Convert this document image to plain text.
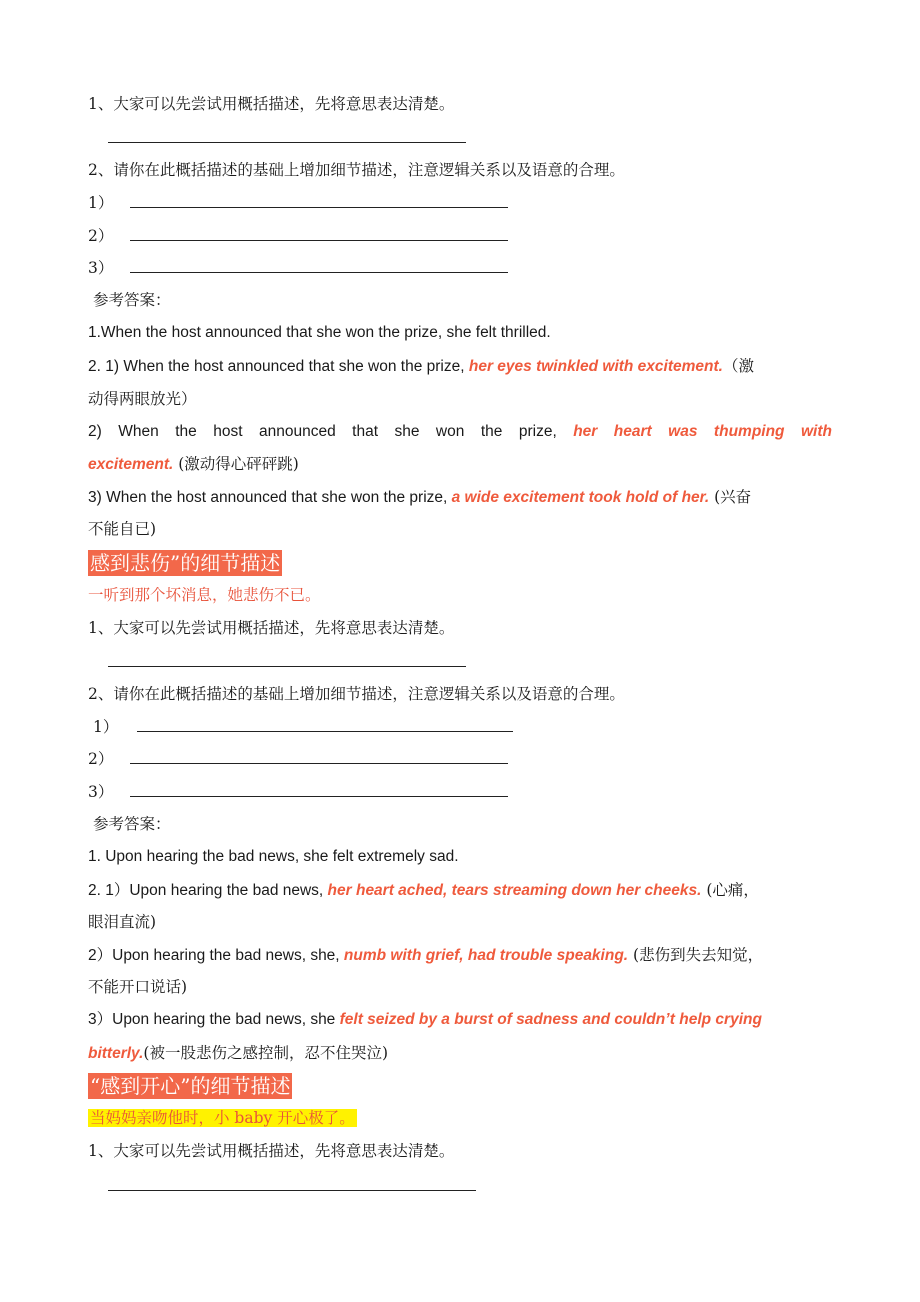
1、大家可以先尝试用概括描述，先将意思表达清楚。
2、请你在此概括描述的基础上增加细节描述，注意逻辑关系以及语意的合理。
1）
2）
3）
参考答案：
1.When the host announced that she won the prize, she felt thrilled.
2. 1) When the host announced that she won the prize, her eyes twinkled with excitement.（激
动得两眼放光）
2) When the host announced that she won the prize, her heart was thumping with
excitement. (激动得心砰砰跳)
3) When the host announced that she won the prize, a wide excitement took hold of her. (兴奋
不能自已)
感到悲伤”的细节描述
一听到那个坏消息，她悲伤不已。
1、大家可以先尝试用概括描述，先将意思表达清楚。
2、请你在此概括描述的基础上增加细节描述，注意逻辑关系以及语意的合理。
1）
2）
3）
参考答案：
1. Upon hearing the bad news, she felt extremely sad.
2. 1）Upon hearing the bad news, her heart ached, tears streaming down her cheeks. (心痛，
眼泪直流)
2）Upon hearing the bad news, she, numb with grief, had trouble speaking. (悲伤到失去知觉，
不能开口说话)
3）Upon hearing the bad news, she felt seized by a burst of sadness and couldn’t help crying
bitterly.(被一股悲伤之感控制，忍不住哭泣)
“感到开心”的细节描述
当妈妈亲吻他时，小 baby 开心极了。
1、大家可以先尝试用概括描述，先将意思表达清楚。
